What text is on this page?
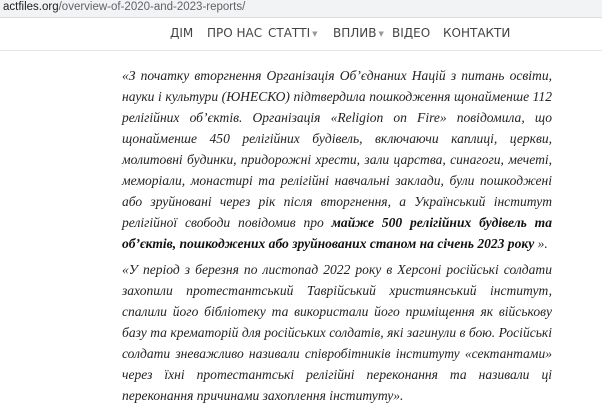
actfiles.org/overview-of-2020-and-2023-reports/
ДІМ ПРО НАС СТАТТІ ▼ ВПЛИВ ▼ ВІДЕО КОНТАКТИ

«З початку вторгнення Організація Об’єднаних Націй з питань освіти, науки і культури (ЮНЕСКО) підтвердила пошкодження щонайменше 112 релігійних об’єктів. Організація «Religion on Fire» повідомила, що щонайменше 450 релігійних будівель, включаючи каплиці, церкви, молитовні будинки, придорожні хрести, зали царства, синагоги, мечеті, меморіали, монастирі та релігійні навчальні заклади, були пошкоджені або зруйновані через рік після вторгнення, а Український інститут релігійної свободи повідомив про майже 500 релігійних будівель та об’єктів, пошкоджених або зруйнованих станом на січень 2023 року ».

«У період з березня по листопад 2022 року в Херсоні російські солдати захопили протестантський Таврійський християнський інститут, спалили його бібліотеку та використали його приміщення як військову базу та крематорій для російських солдатів, які загинули в бою. Російські солдати зневажливо називали співробітників інституту «сектантами» через їхні протестантські релігійні переконання та називали ці переконання причинами захоплення інституту».
